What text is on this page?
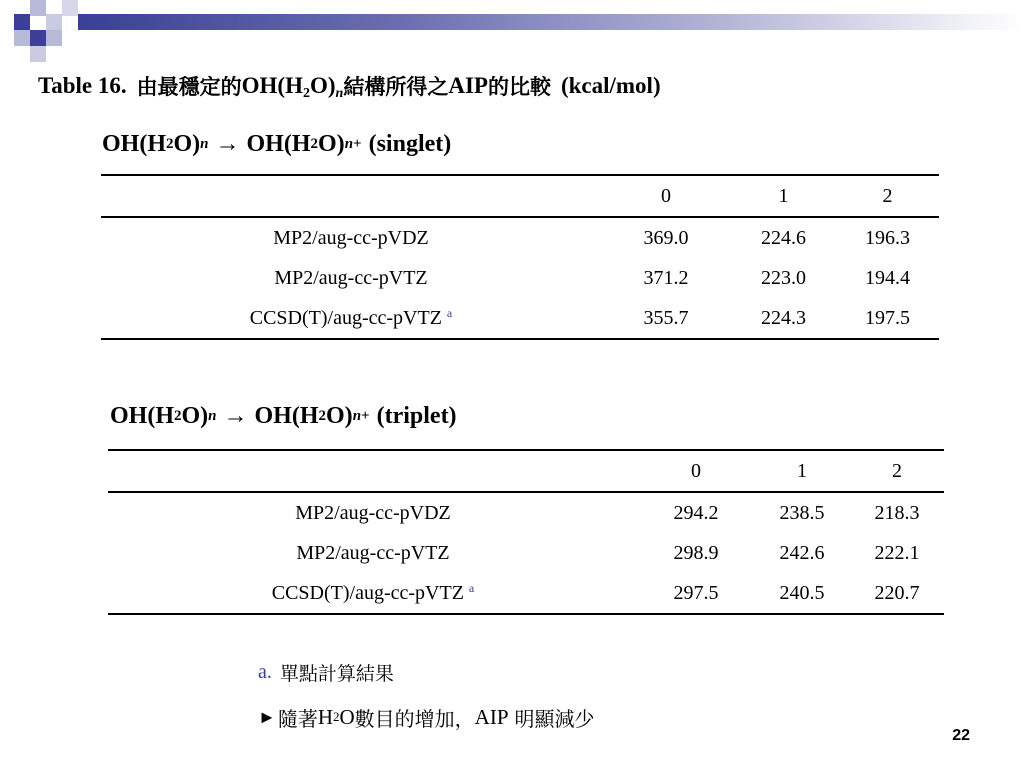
Table 16. 由最穩定的 $OH(H_2O)_n$ 結構所得之 AIP 的比較 (kcal/mol)
OH(H 2 O) n → OH(H 2 O) n + (singlet)
	0	1	2
MP2/aug-cc-pVDZ	369.0	224.6	196.3
MP2/aug-cc-pVTZ	371.2	223.0	194.4
CCSD(T)/aug-cc-pVTZ $^a$	355.7	224.3	197.5
OH(H 2 O) n → OH(H 2 O) n + (triplet)
	0	1	2
MP2/aug-cc-pVDZ	294.2	238.5	218.3
MP2/aug-cc-pVTZ	298.9	242.6	222.1
CCSD(T)/aug-cc-pVTZ $^a$	297.5	240.5	220.7
a. 單點計算結果
► 隨著 H 2 O 數目的增加， AIP 明顯減少
22
